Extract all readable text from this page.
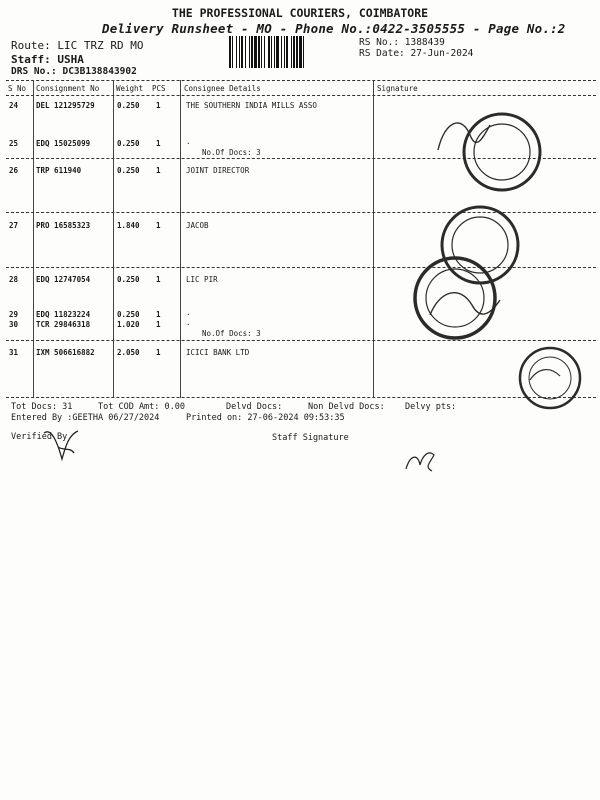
THE PROFESSIONAL COURIERS, COIMBATORE
Delivery Runsheet - MO - Phone No.:0422-3505555 - Page No.:2
Route: LIC TRZ RD MO
Staff: USHA
DRS No.: DC3B138843902
RS No.: 1388439
RS Date: 27-Jun-2024
S No Consignment No Weight PCS Consignee Details	Signature
24 DEL 121295729	0.250 1	THE SOUTHERN INDIA MILLS ASSO
25 EDQ 15025099	0.250 1	.
No.Of Docs: 3
26 TRP 611940	0.250 1	JOINT DIRECTOR
27 PRO 16585323	1.840 1	JACOB
28 EDQ 12747054	0.250 1	LIC PIR
29 EDQ 11823224	0.250 1	.
30 TCR 29846318	1.020 1	.
No.Of Docs: 3
31 IXM 506616882	2.050 1	ICICI BANK LTD
Tot Docs: 31	Tot COD Amt: 0.00	Delvd Docs:	Non Delvd Docs: Delvy pts:
Entered By :GEETHA 06/27/2024	Printed on: 27-06-2024 09:53:35
Verified By	Staff Signature
